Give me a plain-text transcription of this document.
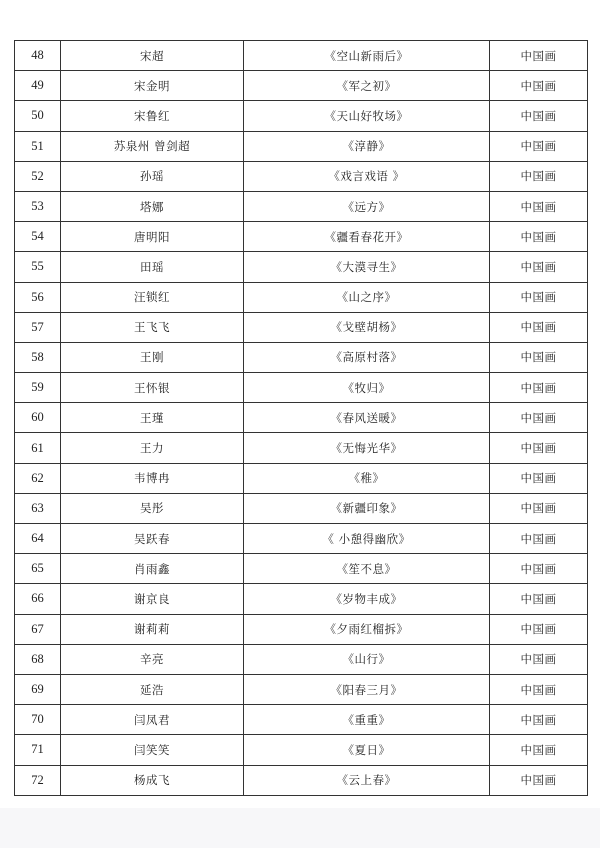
48	宋超	《空山新雨后》	中国画
49	宋金明	《军之初》	中国画
50	宋鲁红	《天山好牧场》	中国画
51	苏泉州 曾剑超	《淳静》	中国画
52	孙瑶	《戏言戏语 》	中国画
53	塔娜	《远方》	中国画
54	唐明阳	《疆看春花开》	中国画
55	田瑶	《大漠寻生》	中国画
56	汪锁红	《山之序》	中国画
57	王飞飞	《戈壁胡杨》	中国画
58	王刚	《高原村落》	中国画
59	王怀银	《牧归》	中国画
60	王瑾	《春风送暖》	中国画
61	王力	《无悔光华》	中国画
62	韦博冉	《稚》	中国画
63	吴彤	《新疆印象》	中国画
64	吴跃春	《 小憩得幽欣》	中国画
65	肖雨鑫	《笙不息》	中国画
66	谢京良	《岁物丰成》	中国画
67	谢莉莉	《夕雨红榴拆》	中国画
68	辛亮	《山行》	中国画
69	延浩	《阳春三月》	中国画
70	闫凤君	《重重》	中国画
71	闫笑笑	《夏日》	中国画
72	杨成飞	《云上春》	中国画
